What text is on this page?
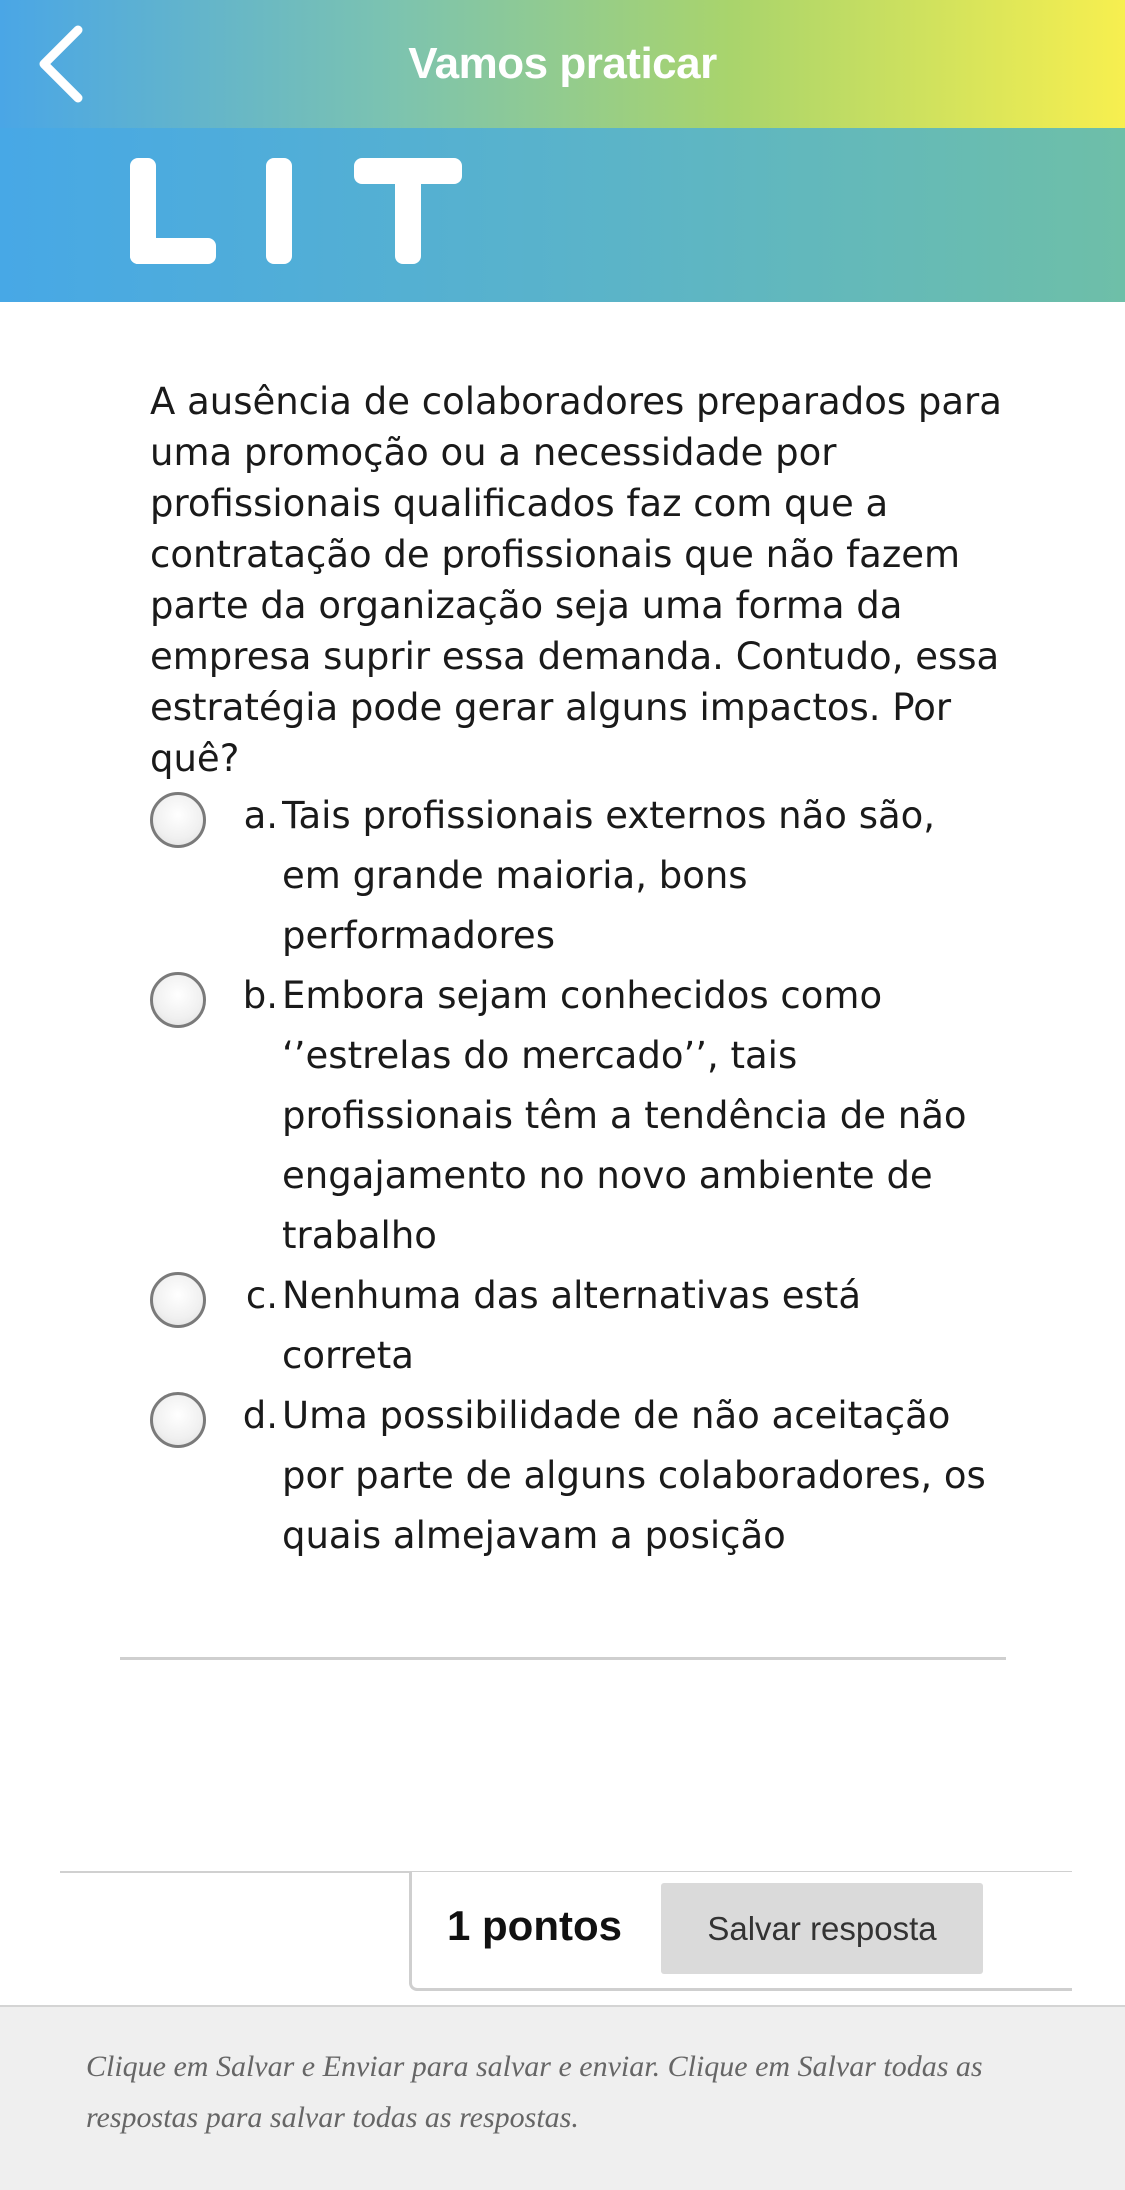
Vamos praticar
A ausência de colaboradores preparados para uma promoção ou a necessidade por profissionais qualificados faz com que a contratação de profissionais que não fazem parte da organização seja uma forma da empresa suprir essa demanda. Contudo, essa estratégia pode gerar alguns impactos. Por quê?
a. Tais profissionais externos não são, em grande maioria, bons performadores
b. Embora sejam conhecidos como ‘’estrelas do mercado’’, tais profissionais têm a tendência de não engajamento no novo ambiente de trabalho
c. Nenhuma das alternativas está correta
d. Uma possibilidade de não aceitação por parte de alguns colaboradores, os quais almejavam a posição
1 pontos	Salvar resposta
Clique em Salvar e Enviar para salvar e enviar. Clique em Salvar todas as respostas para salvar todas as respostas.
